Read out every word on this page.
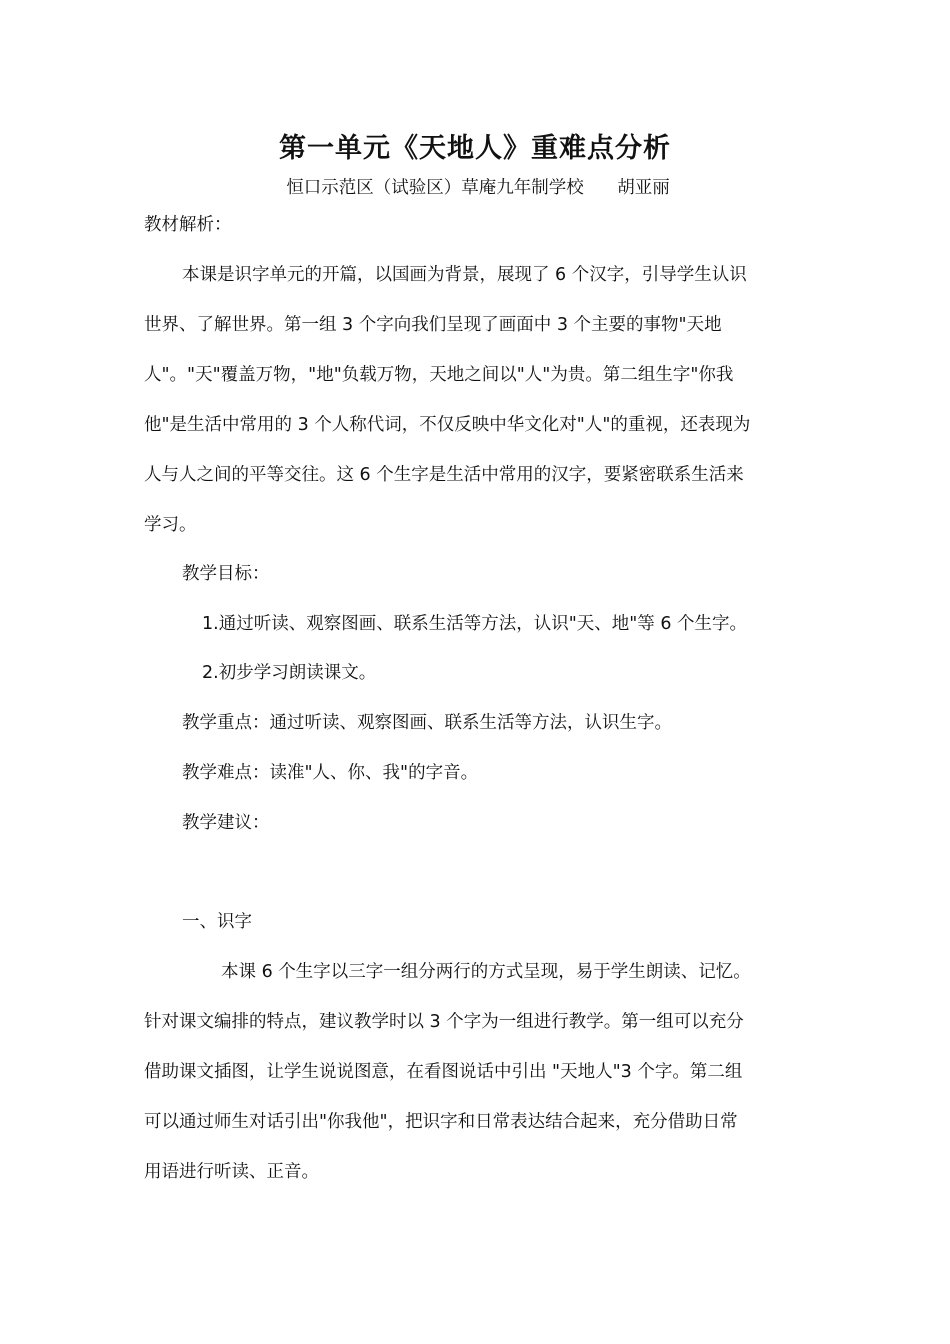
第一单元《天地人》重难点分析
恒口示范区（试验区）草庵九年制学校      胡亚丽
教材解析：
本课是识字单元的开篇，以国画为背景，展现了 6 个汉字，引导学生认识
世界、了解世界。第一组 3 个字向我们呈现了画面中 3 个主要的事物"天地
人"。"天"覆盖万物，"地"负载万物，天地之间以"人"为贵。第二组生字"你我
他"是生活中常用的 3 个人称代词，不仅反映中华文化对"人"的重视，还表现为
人与人之间的平等交往。这 6 个生字是生活中常用的汉字，要紧密联系生活来
学习。
教学目标：
1.通过听读、观察图画、联系生活等方法，认识"天、地"等 6 个生字。
2.初步学习朗读课文。
教学重点：通过听读、观察图画、联系生活等方法，认识生字。
教学难点：读准"人、你、我"的字音。
教学建议：
一、识字
本课 6 个生字以三字一组分两行的方式呈现，易于学生朗读、记忆。
针对课文编排的特点，建议教学时以 3 个字为一组进行教学。第一组可以充分
借助课文插图，让学生说说图意，在看图说话中引出 "天地人"3 个字。第二组
可以通过师生对话引出"你我他"，把识字和日常表达结合起来，充分借助日常
用语进行听读、正音。
